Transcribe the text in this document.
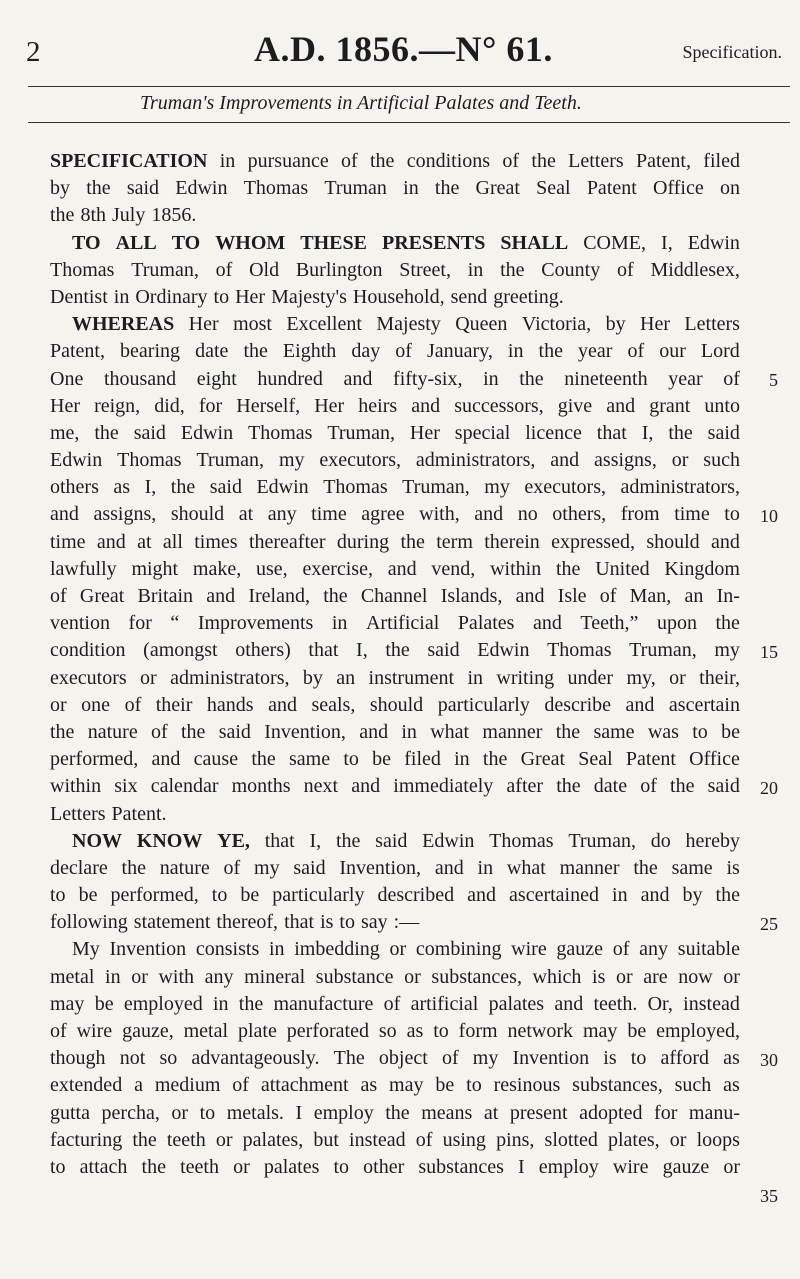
2	A.D. 1856.—N° 61.	Specification.
Truman's Improvements in Artificial Palates and Teeth.
SPECIFICATION in pursuance of the conditions of the Letters Patent, filed
by the said Edwin Thomas Truman in the Great Seal Patent Office on
the 8th July 1856.
TO ALL TO WHOM THESE PRESENTS SHALL COME, I, Edwin
Thomas Truman, of Old Burlington Street, in the County of Middlesex,
Dentist in Ordinary to Her Majesty's Household, send greeting.
WHEREAS Her most Excellent Majesty Queen Victoria, by Her Letters
Patent, bearing date the Eighth day of January, in the year of our Lord
One thousand eight hundred and fifty-six, in the nineteenth year of
Her reign, did, for Herself, Her heirs and successors, give and grant unto
me, the said Edwin Thomas Truman, Her special licence that I, the said
Edwin Thomas Truman, my executors, administrators, and assigns, or such
others as I, the said Edwin Thomas Truman, my executors, administrators,
and assigns, should at any time agree with, and no others, from time to
time and at all times thereafter during the term therein expressed, should and
lawfully might make, use, exercise, and vend, within the United Kingdom
of Great Britain and Ireland, the Channel Islands, and Isle of Man, an In-
vention for “ Improvements in Artificial Palates and Teeth,” upon the
condition (amongst others) that I, the said Edwin Thomas Truman, my
executors or administrators, by an instrument in writing under my, or their,
or one of their hands and seals, should particularly describe and ascertain
the nature of the said Invention, and in what manner the same was to be
performed, and cause the same to be filed in the Great Seal Patent Office
within six calendar months next and immediately after the date of the said
Letters Patent.
NOW KNOW YE, that I, the said Edwin Thomas Truman, do hereby
declare the nature of my said Invention, and in what manner the same is
to be performed, to be particularly described and ascertained in and by the
following statement thereof, that is to say :—
My Invention consists in imbedding or combining wire gauze of any suitable
metal in or with any mineral substance or substances, which is or are now or
may be employed in the manufacture of artificial palates and teeth. Or, instead
of wire gauze, metal plate perforated so as to form network may be employed,
though not so advantageously. The object of my Invention is to afford as
extended a medium of attachment as may be to resinous substances, such as
gutta percha, or to metals. I employ the means at present adopted for manu-
facturing the teeth or palates, but instead of using pins, slotted plates, or loops
to attach the teeth or palates to other substances I employ wire gauze or
5
10
15
20
25
30
35
